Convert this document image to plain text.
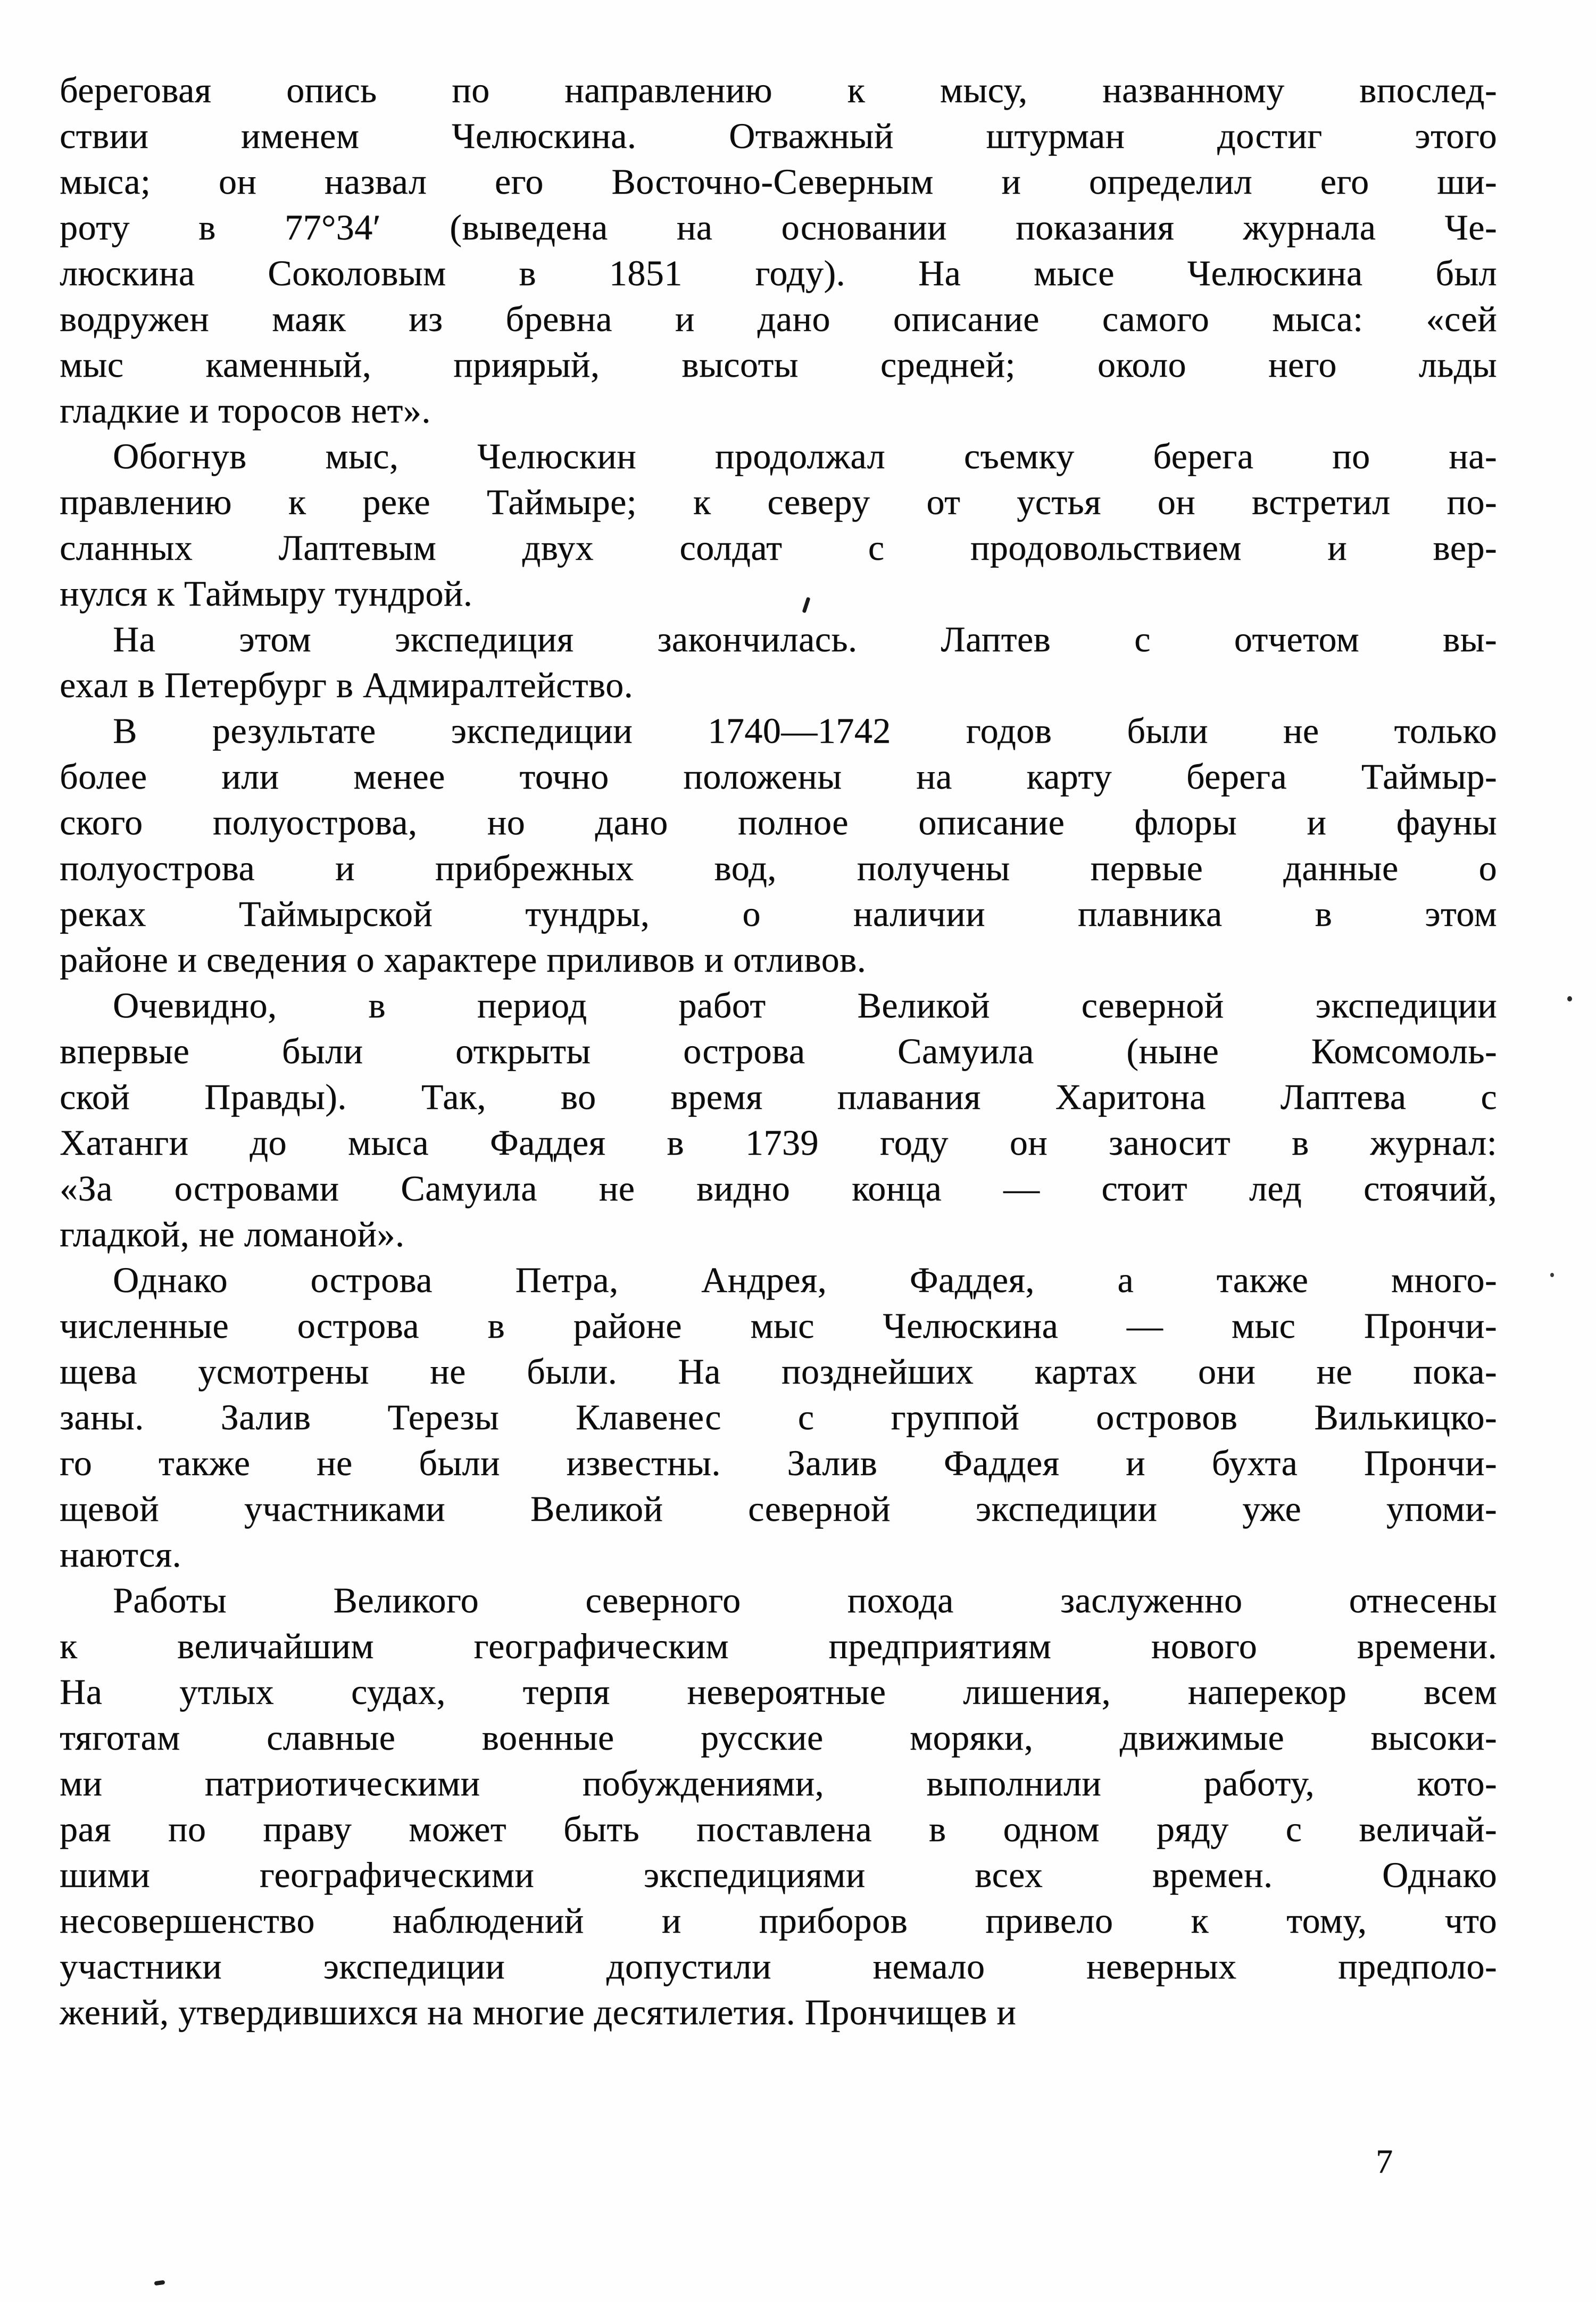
береговая опись по направлению к мысу, названному впослед-
ствии именем Челюскина. Отважный штурман достиг этого
мыса; он назвал его Восточно-Северным и определил его ши-
роту в 77°34′ (выведена на основании показания журнала Че-
люскина Соколовым в 1851 году). На мысе Челюскина был
водружен маяк из бревна и дано описание самого мыса: «сей
мыс каменный, приярый, высоты средней; около него льды
гладкие и торосов нет».
Обогнув мыс, Челюскин продолжал съемку берега по на-
правлению к реке Таймыре; к северу от устья он встретил по-
сланных Лаптевым двух солдат с продовольствием и вер-
нулся к Таймыру тундрой.
На этом экспедиция закончилась. Лаптев с отчетом вы-
ехал в Петербург в Адмиралтейство.
В результате экспедиции 1740—1742 годов были не только
более или менее точно положены на карту берега Таймыр-
ского полуострова, но дано полное описание флоры и фауны
полуострова и прибрежных вод, получены первые данные о
реках Таймырской тундры, о наличии плавника в этом
районе и сведения о характере приливов и отливов.
Очевидно, в период работ Великой северной экспедиции
впервые были открыты острова Самуила (ныне Комсомоль-
ской Правды). Так, во время плавания Харитона Лаптева с
Хатанги до мыса Фаддея в 1739 году он заносит в журнал:
«За островами Самуила не видно конца — стоит лед стоячий,
гладкой, не ломаной».
Однако острова Петра, Андрея, Фаддея, а также много-
численные острова в районе мыс Челюскина — мыс Прончи-
щева усмотрены не были. На позднейших картах они не пока-
заны. Залив Терезы Клавенес с группой островов Вилькицко-
го также не были известны. Залив Фаддея и бухта Прончи-
щевой участниками Великой северной экспедиции уже упоми-
наются.
Работы Великого северного похода заслуженно отнесены
к величайшим географическим предприятиям нового времени.
На утлых судах, терпя невероятные лишения, наперекор всем
тяготам славные военные русские моряки, движимые высоки-
ми патриотическими побуждениями, выполнили работу, кото-
рая по праву может быть поставлена в одном ряду с величай-
шими географическими экспедициями всех времен. Однако
несовершенство наблюдений и приборов привело к тому, что
участники экспедиции допустили немало неверных предполо-
жений, утвердившихся на многие десятилетия. Прончищев и
7
